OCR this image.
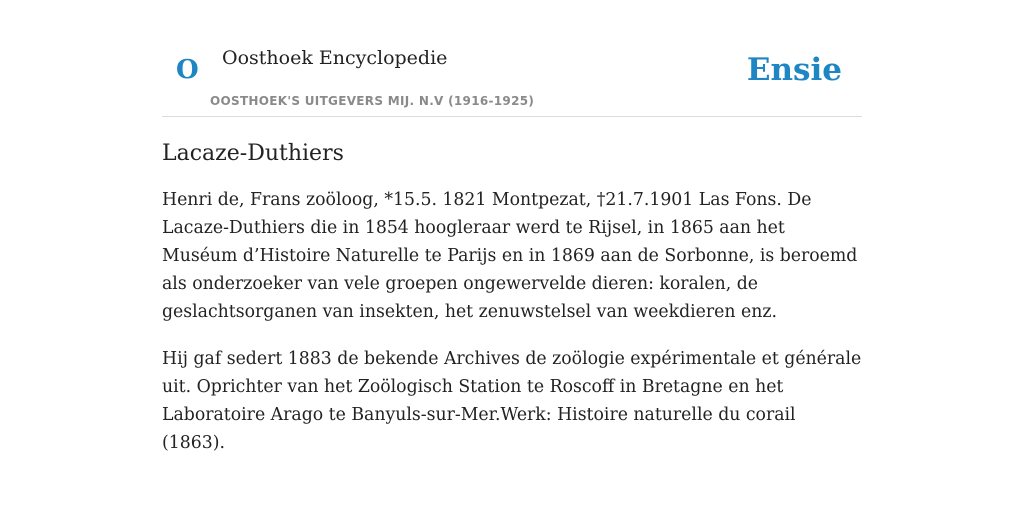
O Oosthoek Encyclopedie
OOSTHOEK'S UITGEVERS MIJ. N.V (1916-1925)
Ensie
Lacaze-Duthiers

Henri de, Frans zoöloog, *15.5. 1821 Montpezat, †21.7.1901 Las Fons. De Lacaze-Duthiers die in 1854 hoogleraar werd te Rijsel, in 1865 aan het Muséum d’Histoire Naturelle te Parijs en in 1869 aan de Sorbonne, is beroemd als onderzoeker van vele groepen ongewervelde dieren: koralen, de geslachtsorganen van insekten, het zenuwstelsel van weekdieren enz.

Hij gaf sedert 1883 de bekende Archives de zoölogie expérimentale et générale uit. Oprichter van het Zoölogisch Station te Roscoff in Bretagne en het Laboratoire Arago te Banyuls-sur-Mer.Werk: Histoire naturelle du corail (1863).
